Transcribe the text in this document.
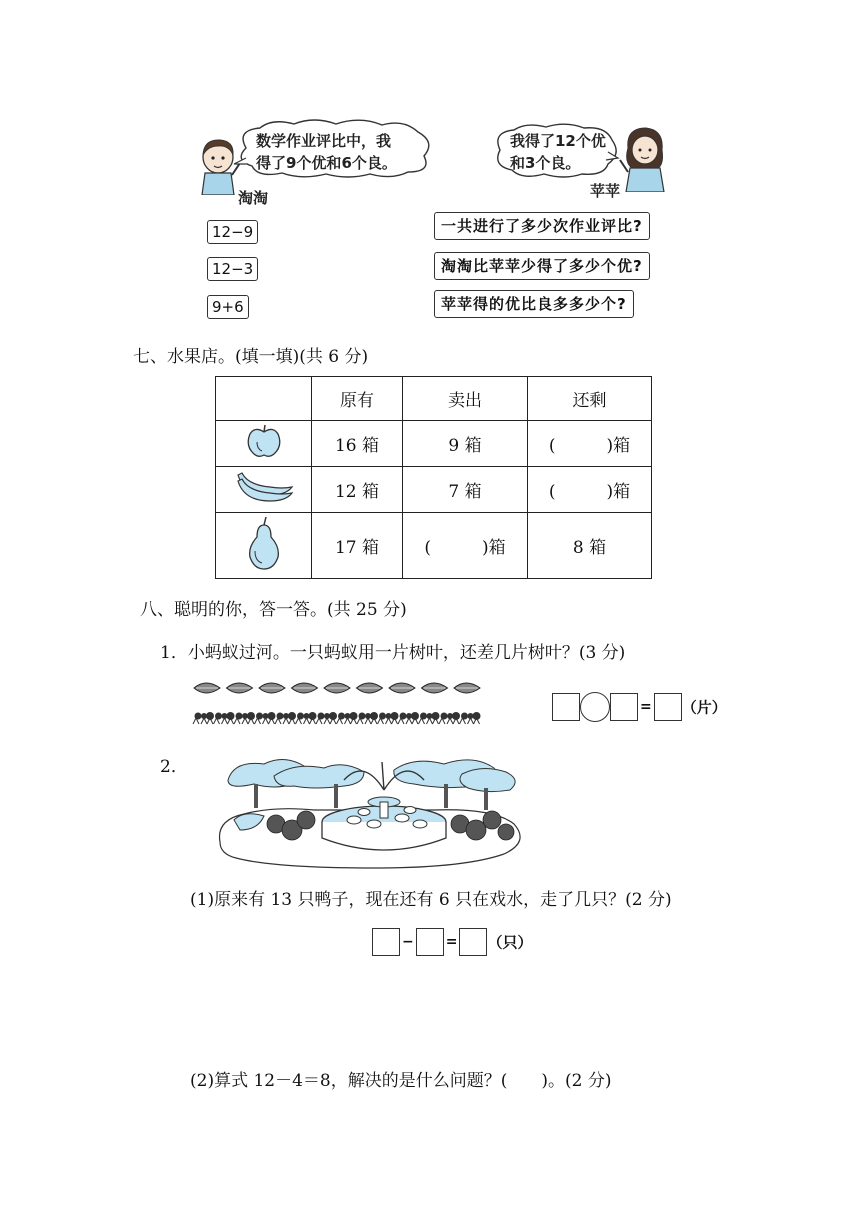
数学作业评比中，我
得了9个优和6个良。
淘淘
我得了12个优
和3个良。
苹苹
12−9
12−3
9+6
一共进行了多少次作业评比?
淘淘比苹苹少得了多少个优?
苹苹得的优比良多多少个?
七、水果店。(填一填)(共 6 分)
	原有	卖出	还剩
	16 箱	9 箱	(　　　)箱
	12 箱	7 箱	(　　　)箱
	17 箱	(　　　)箱	8 箱
八、聪明的你，答一答。(共 25 分)
1．小蚂蚁过河。一只蚂蚁用一片树叶，还差几片树叶？(3 分)
= （片）
2．
(1)原来有 13 只鸭子，现在还有 6 只在戏水，走了几只？(2 分)
− = （只）
(2)算式 12－4＝8，解决的是什么问题？(　　)。(2 分)
